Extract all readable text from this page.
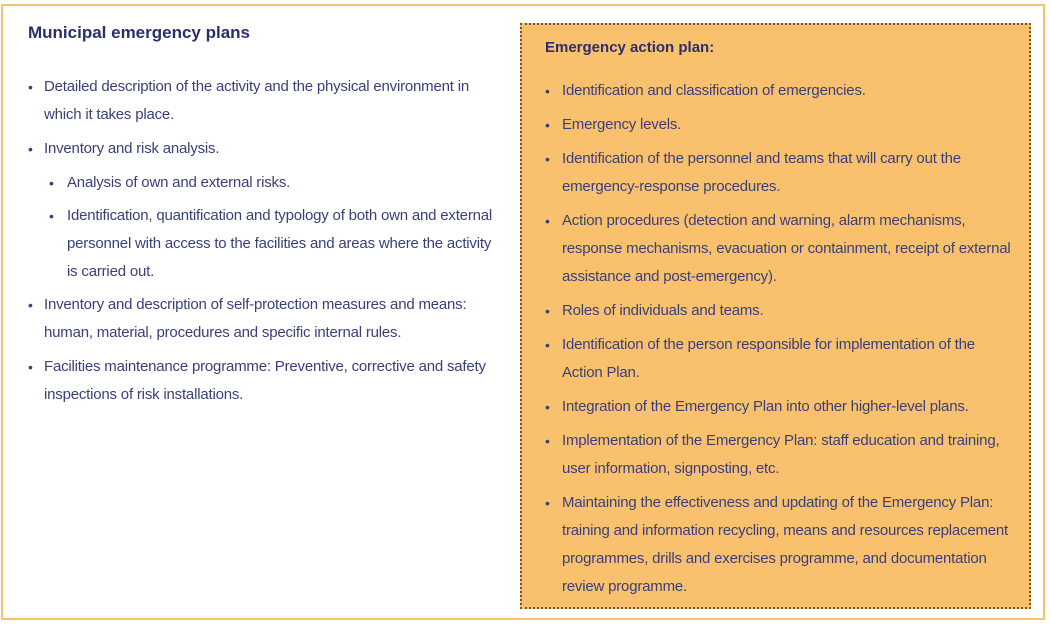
Municipal emergency plans
• Detailed description of the activity and the physical environment in which it takes place.
• Inventory and risk analysis.
• Analysis of own and external risks.
• Identification, quantification and typology of both own and external personnel with access to the facilities and areas where the activity is carried out.
• Inventory and description of self-protection measures and means: human, material, procedures and specific internal rules.
• Facilities maintenance programme: Preventive, corrective and safety inspections of risk installations.
Emergency action plan:
• Identification and classification of emergencies.
• Emergency levels.
• Identification of the personnel and teams that will carry out the emergency-response procedures.
• Action procedures (detection and warning, alarm mechanisms, response mechanisms, evacuation or containment, receipt of external assistance and post-emergency).
• Roles of individuals and teams.
• Identification of the person responsible for implementation of the Action Plan.
• Integration of the Emergency Plan into other higher-level plans.
• Implementation of the Emergency Plan: staff education and training, user information, signposting, etc.
• Maintaining the effectiveness and updating of the Emergency Plan: training and information recycling, means and resources replacement programmes, drills and exercises programme, and documentation review programme.
